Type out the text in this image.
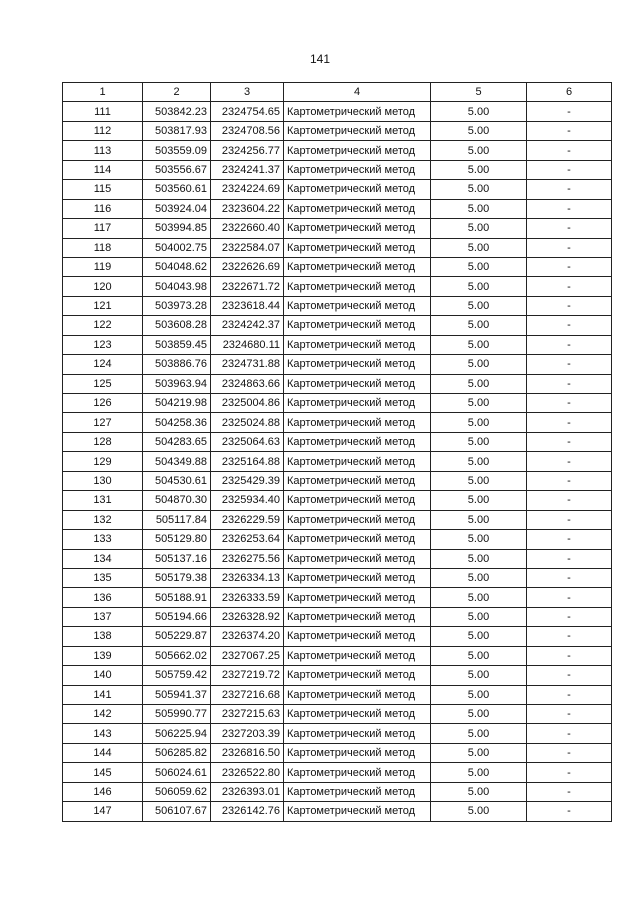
141
1	2	3	4	5	6
111	503842.23	2324754.65	Картометрический метод	5.00	-
112	503817.93	2324708.56	Картометрический метод	5.00	-
113	503559.09	2324256.77	Картометрический метод	5.00	-
114	503556.67	2324241.37	Картометрический метод	5.00	-
115	503560.61	2324224.69	Картометрический метод	5.00	-
116	503924.04	2323604.22	Картометрический метод	5.00	-
117	503994.85	2322660.40	Картометрический метод	5.00	-
118	504002.75	2322584.07	Картометрический метод	5.00	-
119	504048.62	2322626.69	Картометрический метод	5.00	-
120	504043.98	2322671.72	Картометрический метод	5.00	-
121	503973.28	2323618.44	Картометрический метод	5.00	-
122	503608.28	2324242.37	Картометрический метод	5.00	-
123	503859.45	2324680.11	Картометрический метод	5.00	-
124	503886.76	2324731.88	Картометрический метод	5.00	-
125	503963.94	2324863.66	Картометрический метод	5.00	-
126	504219.98	2325004.86	Картометрический метод	5.00	-
127	504258.36	2325024.88	Картометрический метод	5.00	-
128	504283.65	2325064.63	Картометрический метод	5.00	-
129	504349.88	2325164.88	Картометрический метод	5.00	-
130	504530.61	2325429.39	Картометрический метод	5.00	-
131	504870.30	2325934.40	Картометрический метод	5.00	-
132	505117.84	2326229.59	Картометрический метод	5.00	-
133	505129.80	2326253.64	Картометрический метод	5.00	-
134	505137.16	2326275.56	Картометрический метод	5.00	-
135	505179.38	2326334.13	Картометрический метод	5.00	-
136	505188.91	2326333.59	Картометрический метод	5.00	-
137	505194.66	2326328.92	Картометрический метод	5.00	-
138	505229.87	2326374.20	Картометрический метод	5.00	-
139	505662.02	2327067.25	Картометрический метод	5.00	-
140	505759.42	2327219.72	Картометрический метод	5.00	-
141	505941.37	2327216.68	Картометрический метод	5.00	-
142	505990.77	2327215.63	Картометрический метод	5.00	-
143	506225.94	2327203.39	Картометрический метод	5.00	-
144	506285.82	2326816.50	Картометрический метод	5.00	-
145	506024.61	2326522.80	Картометрический метод	5.00	-
146	506059.62	2326393.01	Картометрический метод	5.00	-
147	506107.67	2326142.76	Картометрический метод	5.00	-
